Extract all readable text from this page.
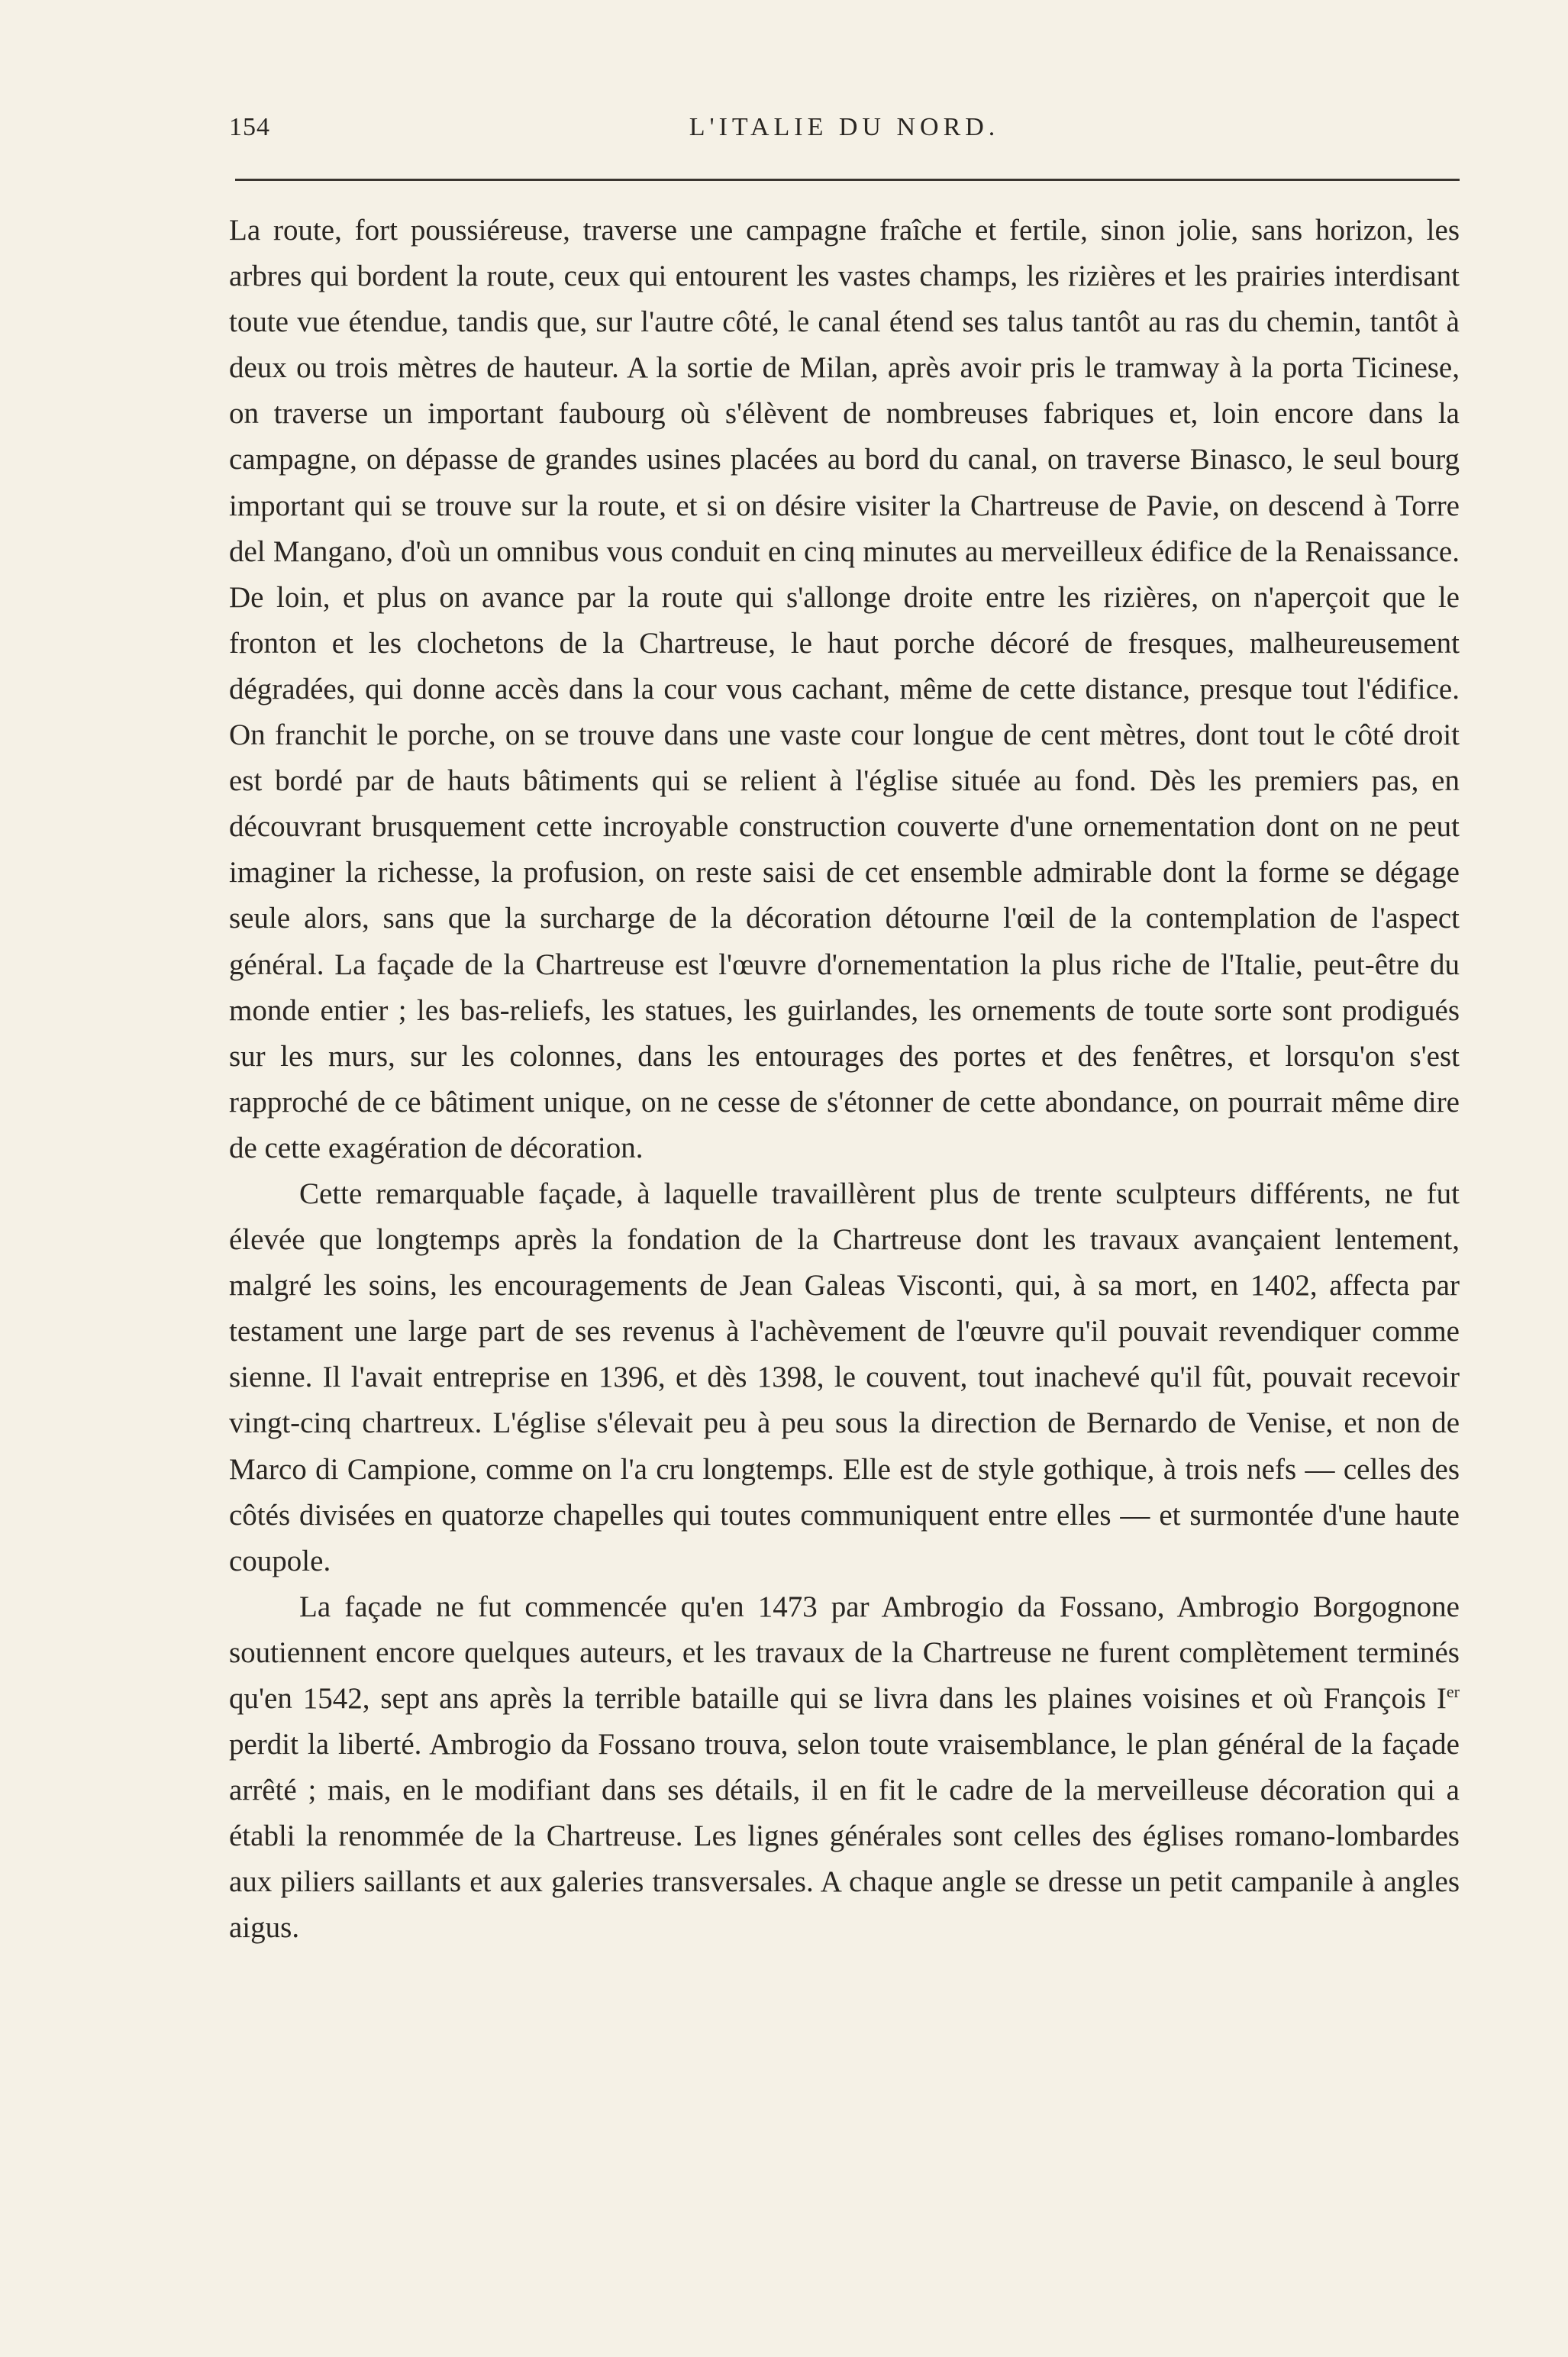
154	L'ITALIE DU NORD.

La route, fort poussiéreuse, traverse une campagne fraîche et fertile, sinon jolie, sans horizon, les arbres qui bordent la route, ceux qui entourent les vastes champs, les rizières et les prairies interdisant toute vue étendue, tandis que, sur l'autre côté, le canal étend ses talus tantôt au ras du chemin, tantôt à deux ou trois mètres de hauteur. A la sortie de Milan, après avoir pris le tramway à la porta Ticinese, on traverse un important faubourg où s'élèvent de nombreuses fabriques et, loin encore dans la campagne, on dépasse de grandes usines placées au bord du canal, on traverse Binasco, le seul bourg important qui se trouve sur la route, et si on désire visiter la Chartreuse de Pavie, on descend à Torre del Mangano, d'où un omnibus vous conduit en cinq minutes au merveilleux édifice de la Renaissance. De loin, et plus on avance par la route qui s'allonge droite entre les rizières, on n'aperçoit que le fronton et les clochetons de la Chartreuse, le haut porche décoré de fresques, malheureusement dégradées, qui donne accès dans la cour vous cachant, même de cette distance, presque tout l'édifice. On franchit le porche, on se trouve dans une vaste cour longue de cent mètres, dont tout le côté droit est bordé par de hauts bâtiments qui se relient à l'église située au fond. Dès les premiers pas, en découvrant brusquement cette incroyable construction couverte d'une ornementation dont on ne peut imaginer la richesse, la profusion, on reste saisi de cet ensemble admirable dont la forme se dégage seule alors, sans que la surcharge de la décoration détourne l'œil de la contemplation de l'aspect général. La façade de la Chartreuse est l'œuvre d'ornementation la plus riche de l'Italie, peut-être du monde entier ; les bas-reliefs, les statues, les guirlandes, les ornements de toute sorte sont prodigués sur les murs, sur les colonnes, dans les entourages des portes et des fenêtres, et lorsqu'on s'est rapproché de ce bâtiment unique, on ne cesse de s'étonner de cette abondance, on pourrait même dire de cette exagération de décoration.

Cette remarquable façade, à laquelle travaillèrent plus de trente sculpteurs différents, ne fut élevée que longtemps après la fondation de la Chartreuse dont les travaux avançaient lentement, malgré les soins, les encouragements de Jean Galeas Visconti, qui, à sa mort, en 1402, affecta par testament une large part de ses revenus à l'achèvement de l'œuvre qu'il pouvait revendiquer comme sienne. Il l'avait entreprise en 1396, et dès 1398, le couvent, tout inachevé qu'il fût, pouvait recevoir vingt-cinq chartreux. L'église s'élevait peu à peu sous la direction de Bernardo de Venise, et non de Marco di Campione, comme on l'a cru longtemps. Elle est de style gothique, à trois nefs — celles des côtés divisées en quatorze chapelles qui toutes communiquent entre elles — et surmontée d'une haute coupole.

La façade ne fut commencée qu'en 1473 par Ambrogio da Fossano, Ambrogio Borgognone soutiennent encore quelques auteurs, et les travaux de la Chartreuse ne furent complètement terminés qu'en 1542, sept ans après la terrible bataille qui se livra dans les plaines voisines et où François Ier perdit la liberté. Ambrogio da Fossano trouva, selon toute vraisemblance, le plan général de la façade arrêté ; mais, en le modifiant dans ses détails, il en fit le cadre de la merveilleuse décoration qui a établi la renommée de la Chartreuse. Les lignes générales sont celles des églises romano-lombardes aux piliers saillants et aux galeries transversales. A chaque angle se dresse un petit campanile à angles aigus.
